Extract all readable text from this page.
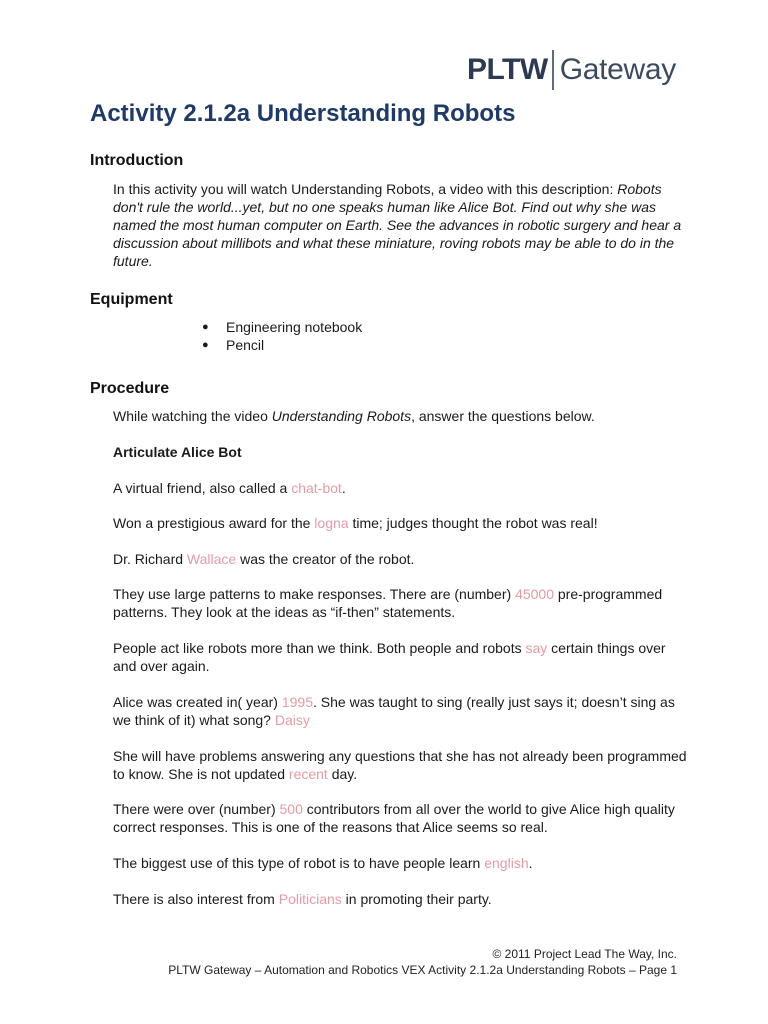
PLTW Gateway
Activity 2.1.2a Understanding Robots
Introduction

In this activity you will watch Understanding Robots, a video with this description: Robots don't rule the world...yet, but no one speaks human like Alice Bot. Find out why she was named the most human computer on Earth. See the advances in robotic surgery and hear a discussion about millibots and what these miniature, roving robots may be able to do in the future.

Equipment
● Engineering notebook
● Pencil
Procedure

While watching the video Understanding Robots, answer the questions below.

Articulate Alice Bot

A virtual friend, also called a chat-bot.

Won a prestigious award for the logna time; judges thought the robot was real!

Dr. Richard Wallace was the creator of the robot.

They use large patterns to make responses. There are (number) 45000 pre-programmed patterns. They look at the ideas as “if-then” statements.

People act like robots more than we think. Both people and robots say certain things over and over again.

Alice was created in( year) 1995. She was taught to sing (really just says it; doesn’t sing as we think of it) what song? Daisy

She will have problems answering any questions that she has not already been programmed to know. She is not updated recent day.

There were over (number) 500 contributors from all over the world to give Alice high quality correct responses. This is one of the reasons that Alice seems so real.

The biggest use of this type of robot is to have people learn english.

There is also interest from Politicians in promoting their party.

© 2011 Project Lead The Way, Inc.
PLTW Gateway – Automation and Robotics VEX Activity 2.1.2a Understanding Robots – Page 1
